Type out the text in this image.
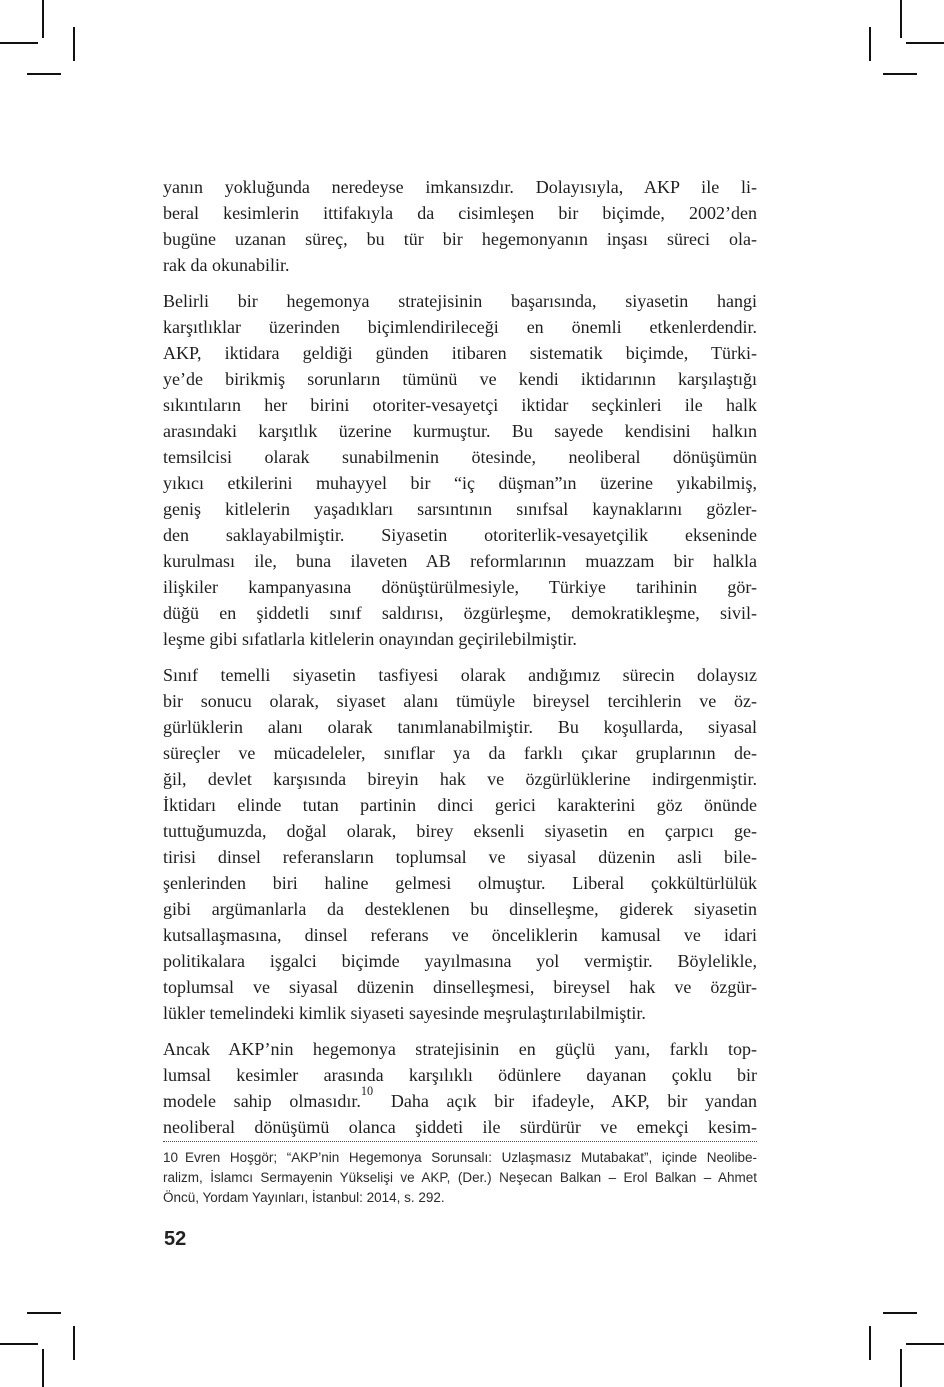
yanın yokluğunda neredeyse imkansızdır. Dolayısıyla, AKP ile li-
beral kesimlerin ittifakıyla da cisimleşen bir biçimde, 2002’den
bugüne uzanan süreç, bu tür bir hegemonyanın inşası süreci ola-
rak da okunabilir.
Belirli bir hegemonya stratejisinin başarısında, siyasetin hangi
karşıtlıklar üzerinden biçimlendirileceği en önemli etkenlerdendir.
AKP, iktidara geldiği günden itibaren sistematik biçimde, Türki-
ye’de birikmiş sorunların tümünü ve kendi iktidarının karşılaştığı
sıkıntıların her birini otoriter-vesayetçi iktidar seçkinleri ile halk
arasındaki karşıtlık üzerine kurmuştur. Bu sayede kendisini halkın
temsilcisi olarak sunabilmenin ötesinde, neoliberal dönüşümün
yıkıcı etkilerini muhayyel bir “iç düşman”ın üzerine yıkabilmiş,
geniş kitlelerin yaşadıkları sarsıntının sınıfsal kaynaklarını gözler-
den saklayabilmiştir. Siyasetin otoriterlik-vesayetçilik ekseninde
kurulması ile, buna ilaveten AB reformlarının muazzam bir halkla
ilişkiler kampanyasına dönüştürülmesiyle, Türkiye tarihinin gör-
düğü en şiddetli sınıf saldırısı, özgürleşme, demokratikleşme, sivil-
leşme gibi sıfatlarla kitlelerin onayından geçirilebilmiştir.
Sınıf temelli siyasetin tasfiyesi olarak andığımız sürecin dolaysız
bir sonucu olarak, siyaset alanı tümüyle bireysel tercihlerin ve öz-
gürlüklerin alanı olarak tanımlanabilmiştir. Bu koşullarda, siyasal
süreçler ve mücadeleler, sınıflar ya da farklı çıkar gruplarının de-
ğil, devlet karşısında bireyin hak ve özgürlüklerine indirgenmiştir.
İktidarı elinde tutan partinin dinci gerici karakterini göz önünde
tuttuğumuzda, doğal olarak, birey eksenli siyasetin en çarpıcı ge-
tirisi dinsel referansların toplumsal ve siyasal düzenin asli bile-
şenlerinden biri haline gelmesi olmuştur. Liberal çokkültürlülük
gibi argümanlarla da desteklenen bu dinselleşme, giderek siyasetin
kutsallaşmasına, dinsel referans ve önceliklerin kamusal ve idari
politikalara işgalci biçimde yayılmasına yol vermiştir. Böylelikle,
toplumsal ve siyasal düzenin dinselleşmesi, bireysel hak ve özgür-
lükler temelindeki kimlik siyaseti sayesinde meşrulaştırılabilmiştir.
Ancak AKP’nin hegemonya stratejisinin en güçlü yanı, farklı top-
lumsal kesimler arasında karşılıklı ödünlere dayanan çoklu bir
modele sahip olmasıdır.$^{10}$ Daha açık bir ifadeyle, AKP, bir yandan
neoliberal dönüşümü olanca şiddeti ile sürdürür ve emekçi kesim-
10 Evren Hoşgör; “AKP’nin Hegemonya Sorunsalı: Uzlaşmasız Mutabakat”, içinde Neolibe-
ralizm, İslamcı Sermayenin Yükselişi ve AKP, (Der.) Neşecan Balkan – Erol Balkan – Ahmet
Öncü, Yordam Yayınları, İstanbul: 2014, s. 292.
52
